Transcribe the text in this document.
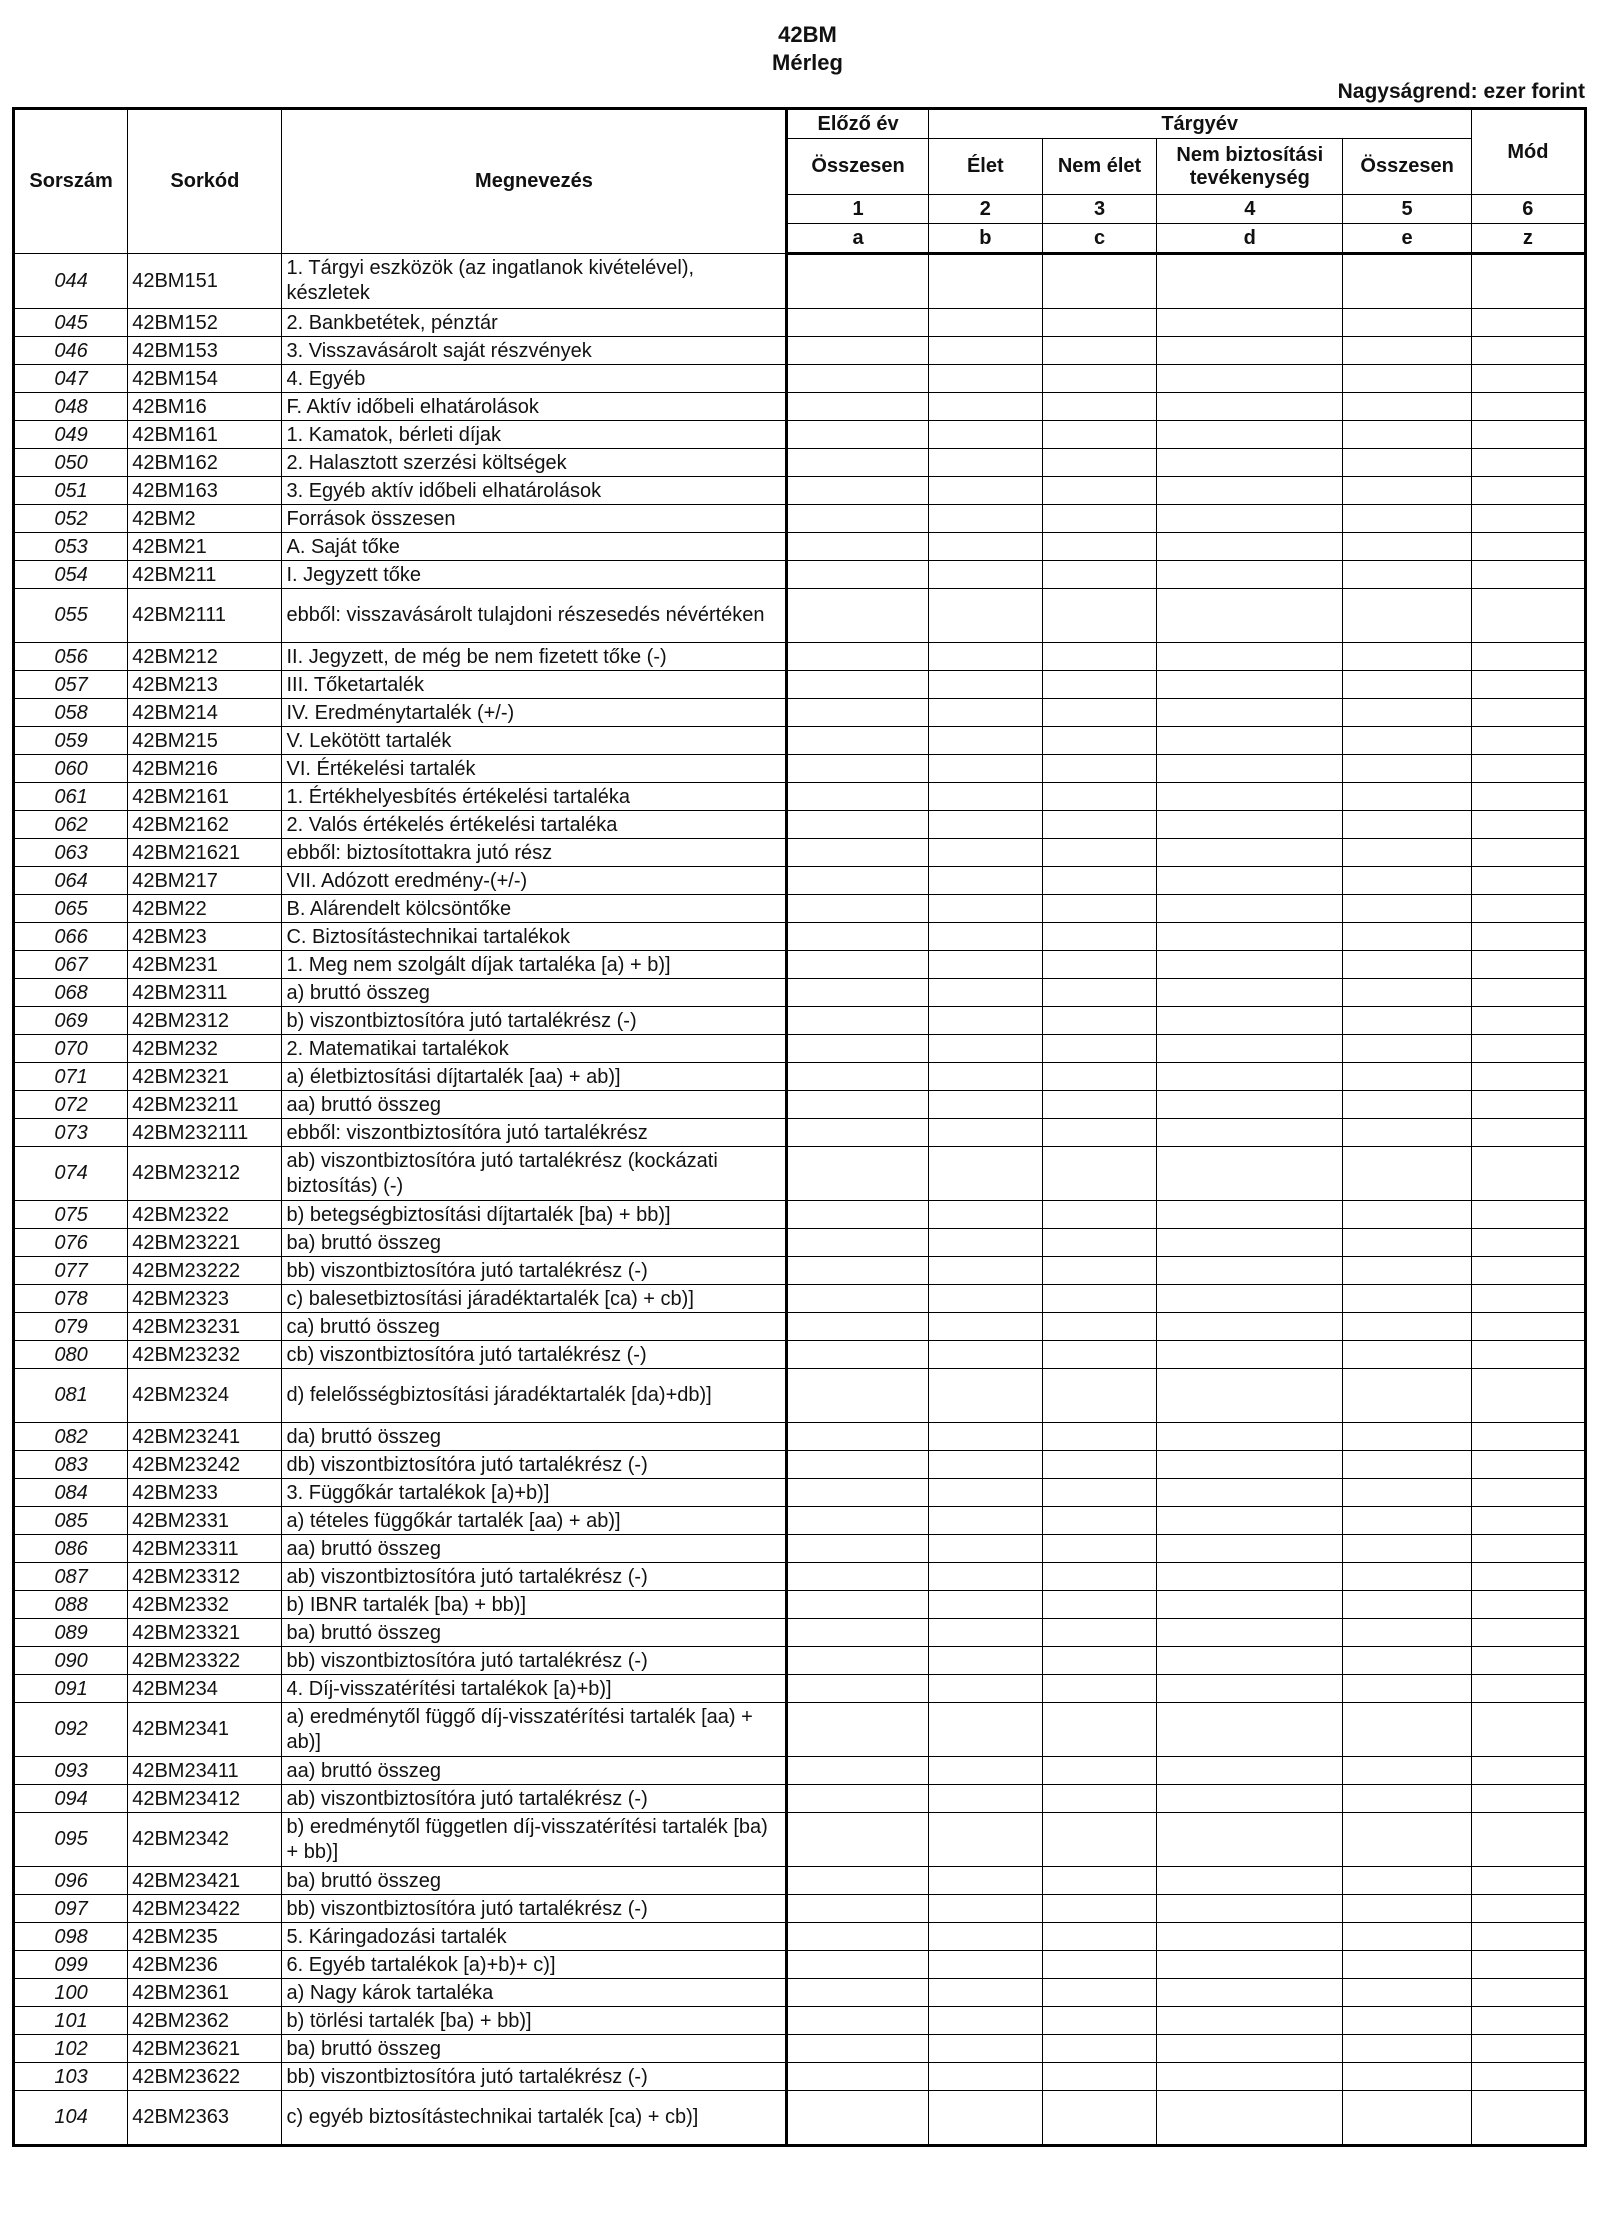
42BM
Mérleg
Nagyságrend: ezer forint
Sorszám	Sorkód	Megnevezés	Előző év	Tárgyév				Mód
			Összesen	Élet	Nem élet	Nem biztosítási tevékenység	Összesen	
			1	2	3	4	5	6
			a	b	c	d	e	z
044	42BM151	1. Tárgyi eszközök (az ingatlanok kivételével), készletek						
045	42BM152	2. Bankbetétek, pénztár						
046	42BM153	3. Visszavásárolt saját részvények						
047	42BM154	4. Egyéb						
048	42BM16	F. Aktív időbeli elhatárolások						
049	42BM161	1. Kamatok, bérleti díjak						
050	42BM162	2. Halasztott szerzési költségek						
051	42BM163	3. Egyéb aktív időbeli elhatárolások						
052	42BM2	Források összesen						
053	42BM21	A. Saját tőke						
054	42BM211	I. Jegyzett tőke						
055	42BM2111	ebből: visszavásárolt tulajdoni részesedés névértéken						
056	42BM212	II. Jegyzett, de még be nem fizetett tőke (-)						
057	42BM213	III. Tőketartalék						
058	42BM214	IV. Eredménytartalék (+/-)						
059	42BM215	V. Lekötött tartalék						
060	42BM216	VI. Értékelési tartalék						
061	42BM2161	1. Értékhelyesbítés értékelési tartaléka						
062	42BM2162	2. Valós értékelés értékelési tartaléka						
063	42BM21621	ebből: biztosítottakra jutó rész						
064	42BM217	VII. Adózott eredmény-(+/-)						
065	42BM22	B. Alárendelt kölcsöntőke						
066	42BM23	C. Biztosítástechnikai tartalékok						
067	42BM231	1. Meg nem szolgált díjak tartaléka [a) + b)]						
068	42BM2311	a) bruttó összeg						
069	42BM2312	b) viszontbiztosítóra jutó tartalékrész (-)						
070	42BM232	2. Matematikai tartalékok						
071	42BM2321	a) életbiztosítási díjtartalék [aa) + ab)]						
072	42BM23211	aa) bruttó összeg						
073	42BM232111	ebből: viszontbiztosítóra jutó tartalékrész						
074	42BM23212	ab) viszontbiztosítóra jutó tartalékrész (kockázati biztosítás) (-)						
075	42BM2322	b) betegségbiztosítási díjtartalék [ba) + bb)]						
076	42BM23221	ba) bruttó összeg						
077	42BM23222	bb) viszontbiztosítóra jutó tartalékrész (-)						
078	42BM2323	c) balesetbiztosítási járadéktartalék [ca) + cb)]						
079	42BM23231	ca) bruttó összeg						
080	42BM23232	cb) viszontbiztosítóra jutó tartalékrész (-)						
081	42BM2324	d) felelősségbiztosítási járadéktartalék [da)+db)]						
082	42BM23241	da) bruttó összeg						
083	42BM23242	db) viszontbiztosítóra jutó tartalékrész (-)						
084	42BM233	3. Függőkár tartalékok [a)+b)]						
085	42BM2331	a) tételes függőkár tartalék [aa) + ab)]						
086	42BM23311	aa) bruttó összeg						
087	42BM23312	ab) viszontbiztosítóra jutó tartalékrész (-)						
088	42BM2332	b) IBNR tartalék [ba) + bb)]						
089	42BM23321	ba) bruttó összeg						
090	42BM23322	bb) viszontbiztosítóra jutó tartalékrész (-)						
091	42BM234	4. Díj-visszatérítési tartalékok [a)+b)]						
092	42BM2341	a) eredménytől függő díj-visszatérítési tartalék [aa) + ab)]						
093	42BM23411	aa) bruttó összeg						
094	42BM23412	ab) viszontbiztosítóra jutó tartalékrész (-)						
095	42BM2342	b) eredménytől független díj-visszatérítési tartalék [ba) + bb)]						
096	42BM23421	ba) bruttó összeg						
097	42BM23422	bb) viszontbiztosítóra jutó tartalékrész (-)						
098	42BM235	5. Káringadozási tartalék						
099	42BM236	6. Egyéb tartalékok [a)+b)+ c)]						
100	42BM2361	a) Nagy károk tartaléka						
101	42BM2362	b) törlési tartalék [ba) + bb)]						
102	42BM23621	ba) bruttó összeg						
103	42BM23622	bb) viszontbiztosítóra jutó tartalékrész (-)						
104	42BM2363	c) egyéb biztosítástechnikai tartalék [ca) + cb)]						
